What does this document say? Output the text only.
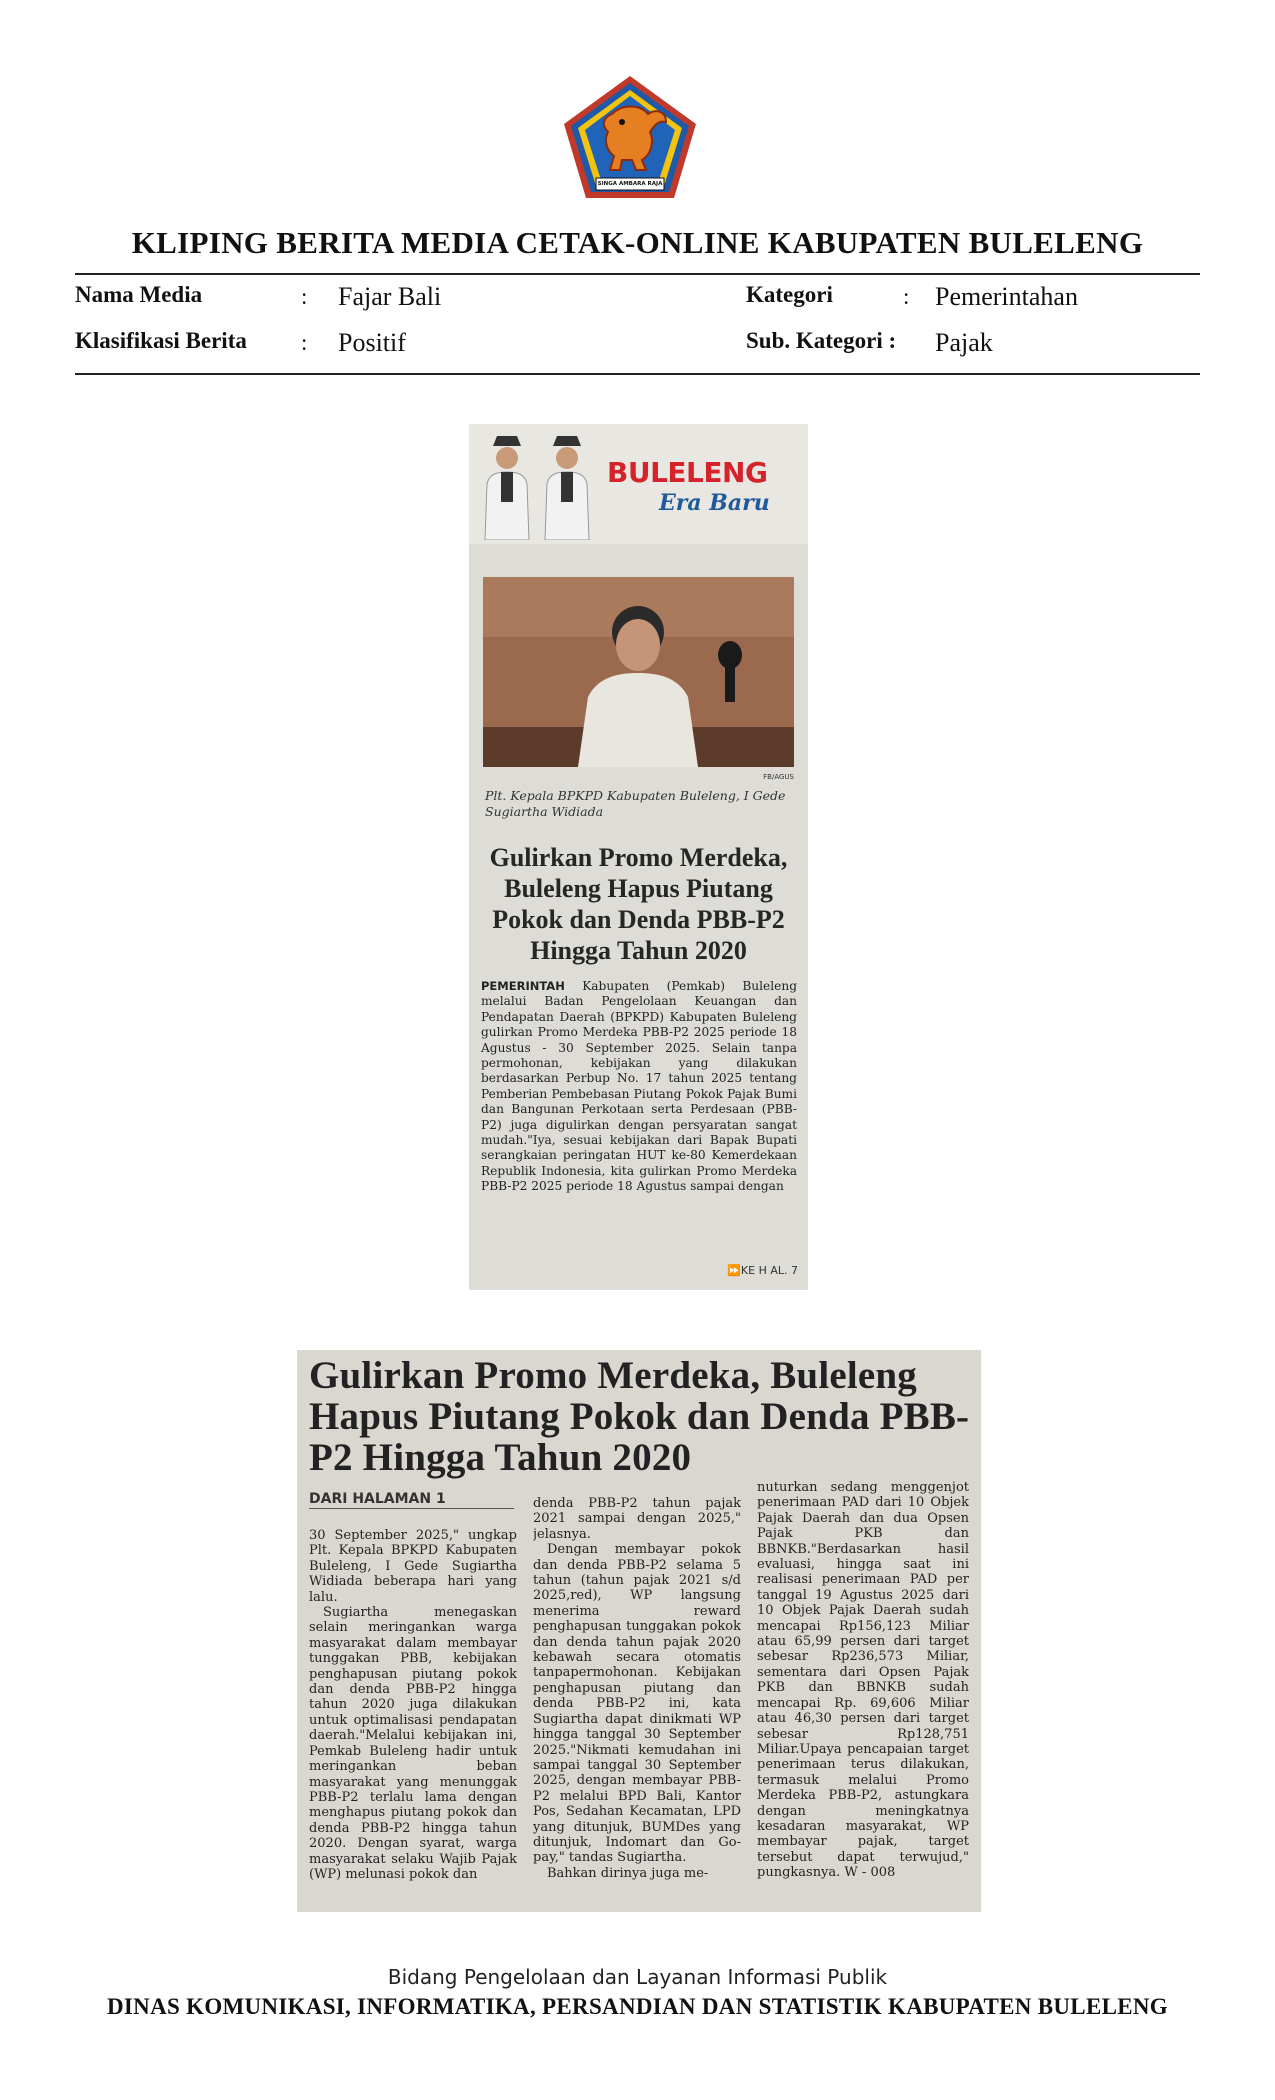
SINGA AMBARA RAJA
KLIPING BERITA MEDIA CETAK-ONLINE KABUPATEN BULELENG
Nama Media	: Fajar Bali	Kategori	: Pemerintahan
Klasifikasi Berita : Positif	Sub. Kategori : Pajak
BULELENG
Era Baru
FB/AGUS
Plt. Kepala BPKPD Kabupaten Buleleng, I Gede Sugiartha Widiada
Gulirkan Promo Merdeka, Buleleng Hapus Piutang Pokok dan Denda PBB-P2 Hingga Tahun 2020
PEMERINTAH Kabupaten (Pemkab) Buleleng melalui Badan Pengelolaan Keuangan dan Pendapatan Daerah (BPKPD) Kabupaten Buleleng gulirkan Promo Merdeka PBB-P2 2025 periode 18 Agustus - 30 September 2025. Selain tanpa permohonan, kebijakan yang dilakukan berdasarkan Perbup No. 17 tahun 2025 tentang Pemberian Pembebasan Piutang Pokok Pajak Bumi dan Bangunan Perkotaan serta Perdesaan (PBB-P2) juga digulirkan dengan persyaratan sangat mudah."Iya, sesuai kebijakan dari Bapak Bupati serangkaian peringatan HUT ke-80 Kemerdekaan Republik Indonesia, kita gulirkan Promo Merdeka PBB-P2 2025 periode 18 Agustus sampai dengan
⏩KE H AL. 7
Gulirkan Promo Merdeka, Buleleng Hapus Piutang Pokok dan Denda PBB-P2 Hingga Tahun 2020
DARI HALAMAN 1

30 September 2025," ungkap Plt. Kepala BPKPD Kabupaten Buleleng, I Gede Sugiartha Widiada beberapa hari yang lalu.

Sugiartha menegaskan selain meringankan warga masyarakat dalam membayar tunggakan PBB, kebijakan penghapusan piutang pokok dan denda PBB-P2 hingga tahun 2020 juga dilakukan untuk optimalisasi pendapatan daerah."Melalui kebijakan ini, Pemkab Buleleng hadir untuk meringankan beban masyarakat yang menunggak PBB-P2 terlalu lama dengan menghapus piutang pokok dan denda PBB-P2 hingga tahun 2020. Dengan syarat, warga masyarakat selaku Wajib Pajak (WP) melunasi pokok dan

denda PBB-P2 tahun pajak 2021 sampai dengan 2025," jelasnya.

Dengan membayar pokok dan denda PBB-P2 selama 5 tahun (tahun pajak 2021 s/d 2025,red), WP langsung menerima reward penghapusan tunggakan pokok dan denda tahun pajak 2020 kebawah secara otomatis tanpapermohonan. Kebijakan penghapusan piutang dan denda PBB-P2 ini, kata Sugiartha dapat dinikmati WP hingga tanggal 30 September 2025."Nikmati kemudahan ini sampai tanggal 30 September 2025, dengan membayar PBB-P2 melalui BPD Bali, Kantor Pos, Sedahan Kecamatan, LPD yang ditunjuk, BUMDes yang ditunjuk, Indomart dan Go-pay," tandas Sugiartha.

Bahkan dirinya juga me-

nuturkan sedang menggenjot penerimaan PAD dari 10 Objek Pajak Daerah dan dua Opsen Pajak PKB dan BBNKB."Berdasarkan hasil evaluasi, hingga saat ini realisasi penerimaan PAD per tanggal 19 Agustus 2025 dari 10 Objek Pajak Daerah sudah mencapai Rp156,123 Miliar atau 65,99 persen dari target sebesar Rp236,573 Miliar, sementara dari Opsen Pajak PKB dan BBNKB sudah mencapai Rp. 69,606 Miliar atau 46,30 persen dari target sebesar Rp128,751 Miliar.Upaya pencapaian target penerimaan terus dilakukan, termasuk melalui Promo Merdeka PBB-P2, astungkara dengan meningkatnya kesadaran masyarakat, WP membayar pajak, target tersebut dapat terwujud," pungkasnya. W - 008

Bidang Pengelolaan dan Layanan Informasi Publik
DINAS KOMUNIKASI, INFORMATIKA, PERSANDIAN DAN STATISTIK KABUPATEN BULELENG
